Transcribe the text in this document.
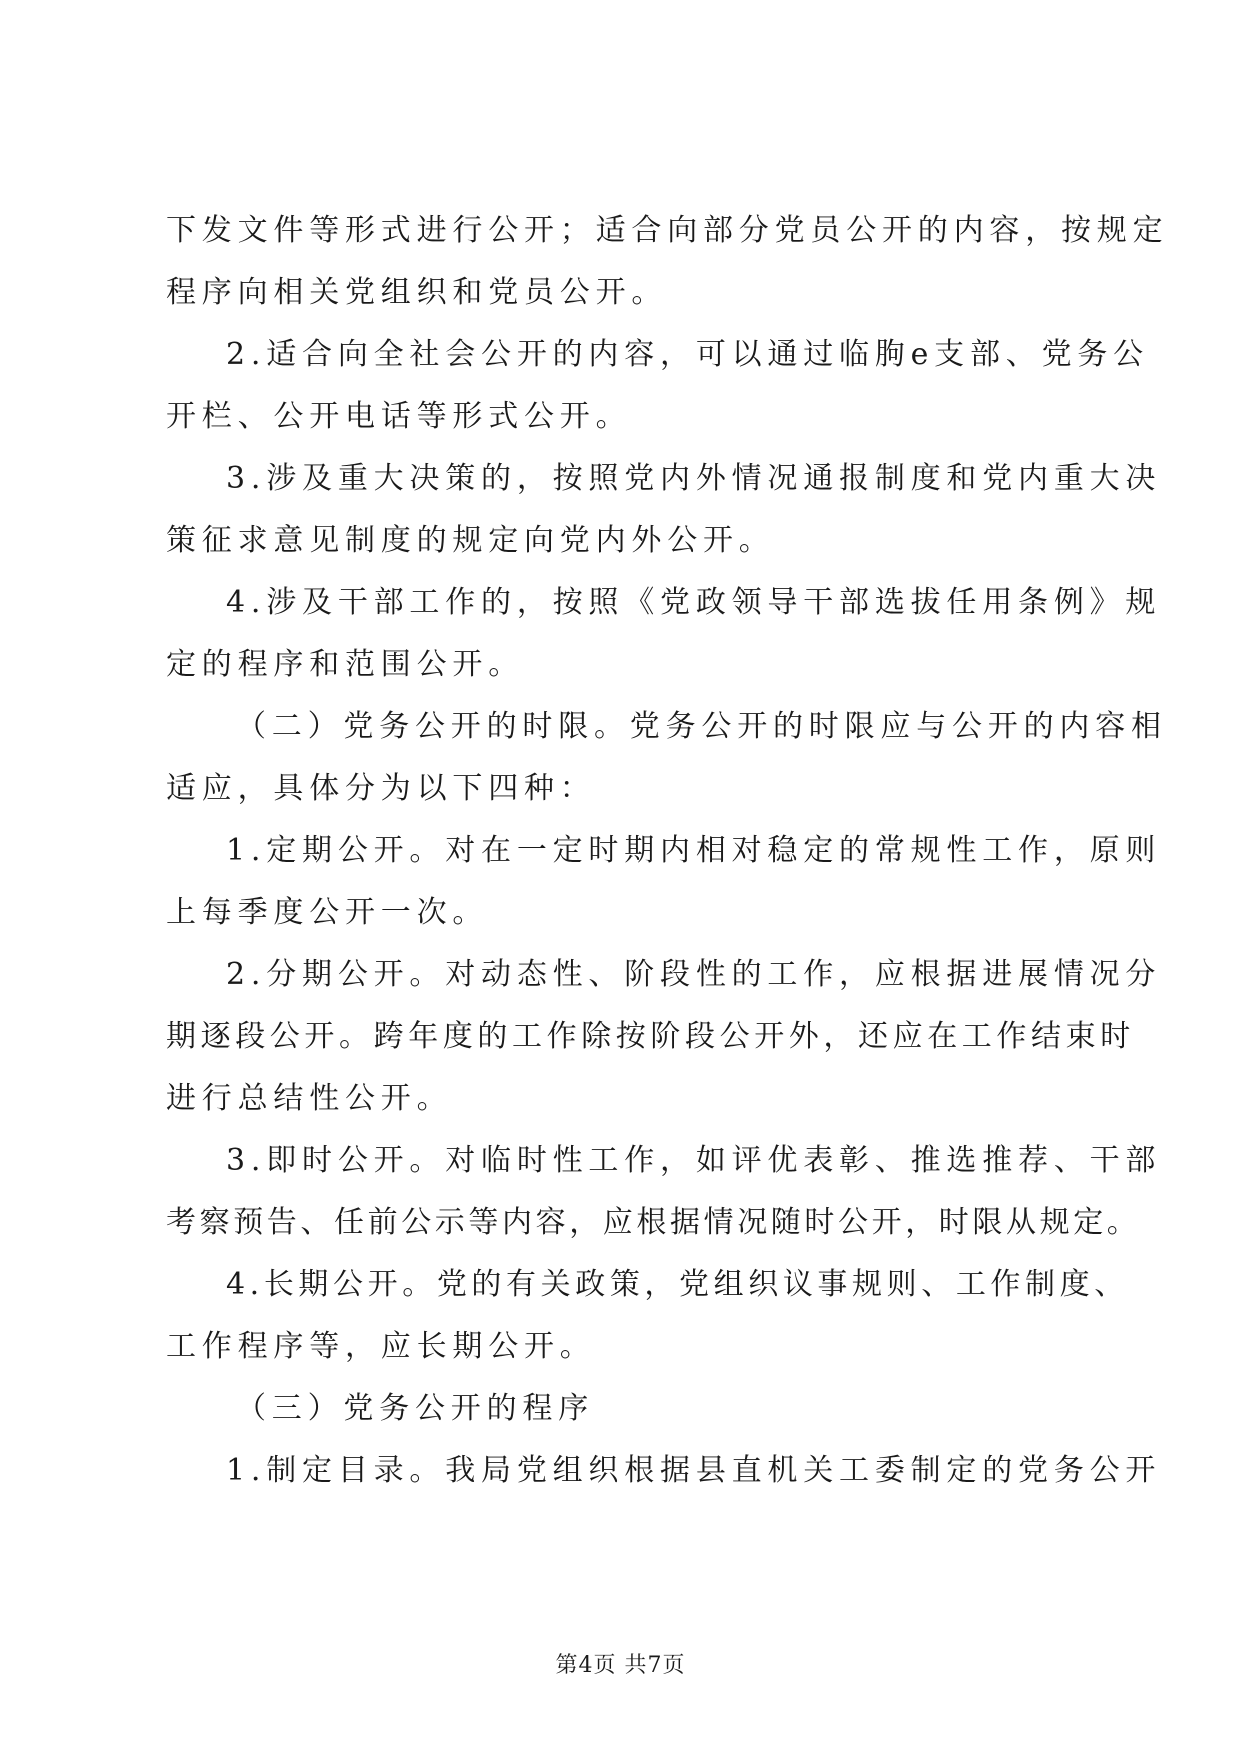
下发文件等形式进行公开；适合向部分党员公开的内容，按规定
程序向相关党组织和党员公开。
2.适合向全社会公开的内容，可以通过临朐e支部、党务公
开栏、公开电话等形式公开。
3.涉及重大决策的，按照党内外情况通报制度和党内重大决
策征求意见制度的规定向党内外公开。
4.涉及干部工作的，按照《党政领导干部选拔任用条例》规
定的程序和范围公开。
（二）党务公开的时限。党务公开的时限应与公开的内容相
适应，具体分为以下四种：
1.定期公开。对在一定时期内相对稳定的常规性工作，原则
上每季度公开一次。
2.分期公开。对动态性、阶段性的工作，应根据进展情况分
期逐段公开。跨年度的工作除按阶段公开外，还应在工作结束时
进行总结性公开。
3.即时公开。对临时性工作，如评优表彰、推选推荐、干部
考察预告、任前公示等内容，应根据情况随时公开，时限从规定。
4.长期公开。党的有关政策，党组织议事规则、工作制度、
工作程序等，应长期公开。
（三）党务公开的程序
1.制定目录。我局党组织根据县直机关工委制定的党务公开
第4页 共7页
